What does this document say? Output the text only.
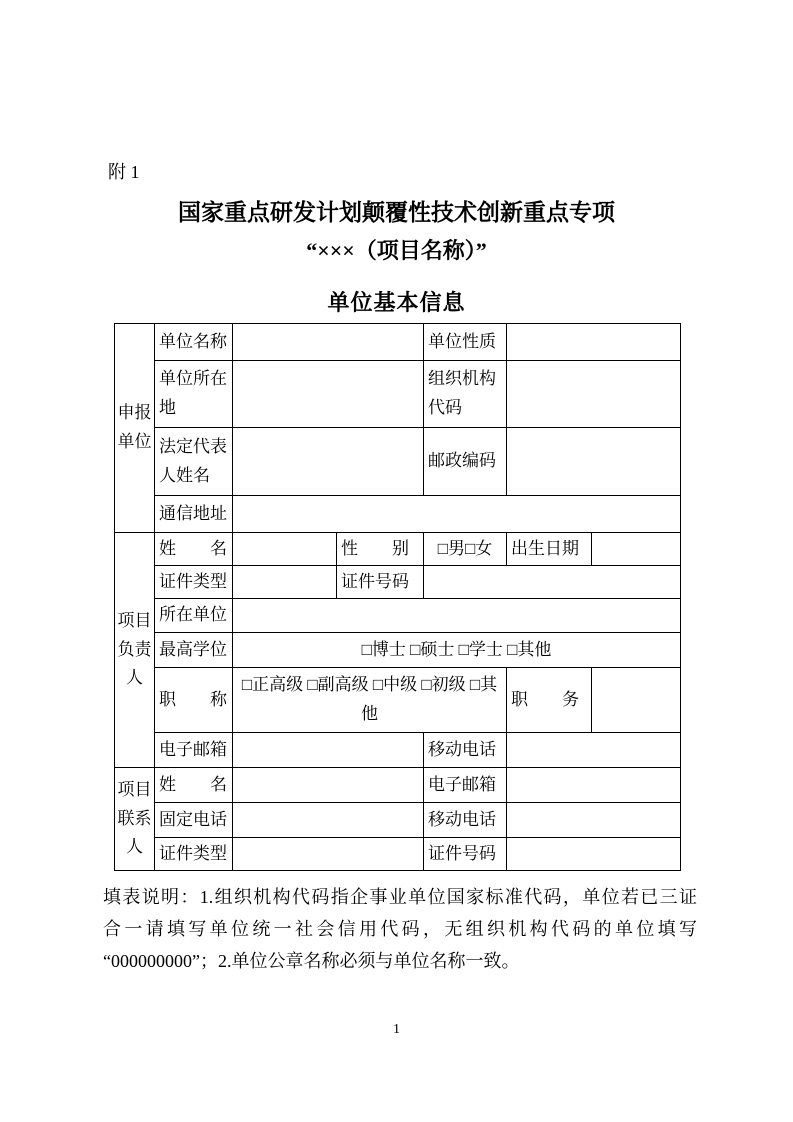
附 1
国家重点研发计划颠覆性技术创新重点专项
“×××（项目名称）”
单位基本信息
申报单位	单位名称			单位性质		
	单位所在地			组织机构代码		
	法定代表人姓名			邮政编码		
	通信地址					
项目负责人	姓　　名		性　　别	□男□女	出生日期	
	证件类型		证件号码			
	所在单位					
	最高学位	□博士 □硕士 □学士 □其他				
	职　　称	□正高级 □副高级 □中级 □初级 □其他			职　　务	
	电子邮箱			移动电话		
项目联系人	姓　　名			电子邮箱		
	固定电话			移动电话		
	证件类型			证件号码		
填表说明：1.组织机构代码指企事业单位国家标准代码，单位若已三证
合一请填写单位统一社会信用代码，无组织机构代码的单位填写
“000000000”；2.单位公章名称必须与单位名称一致。
1
